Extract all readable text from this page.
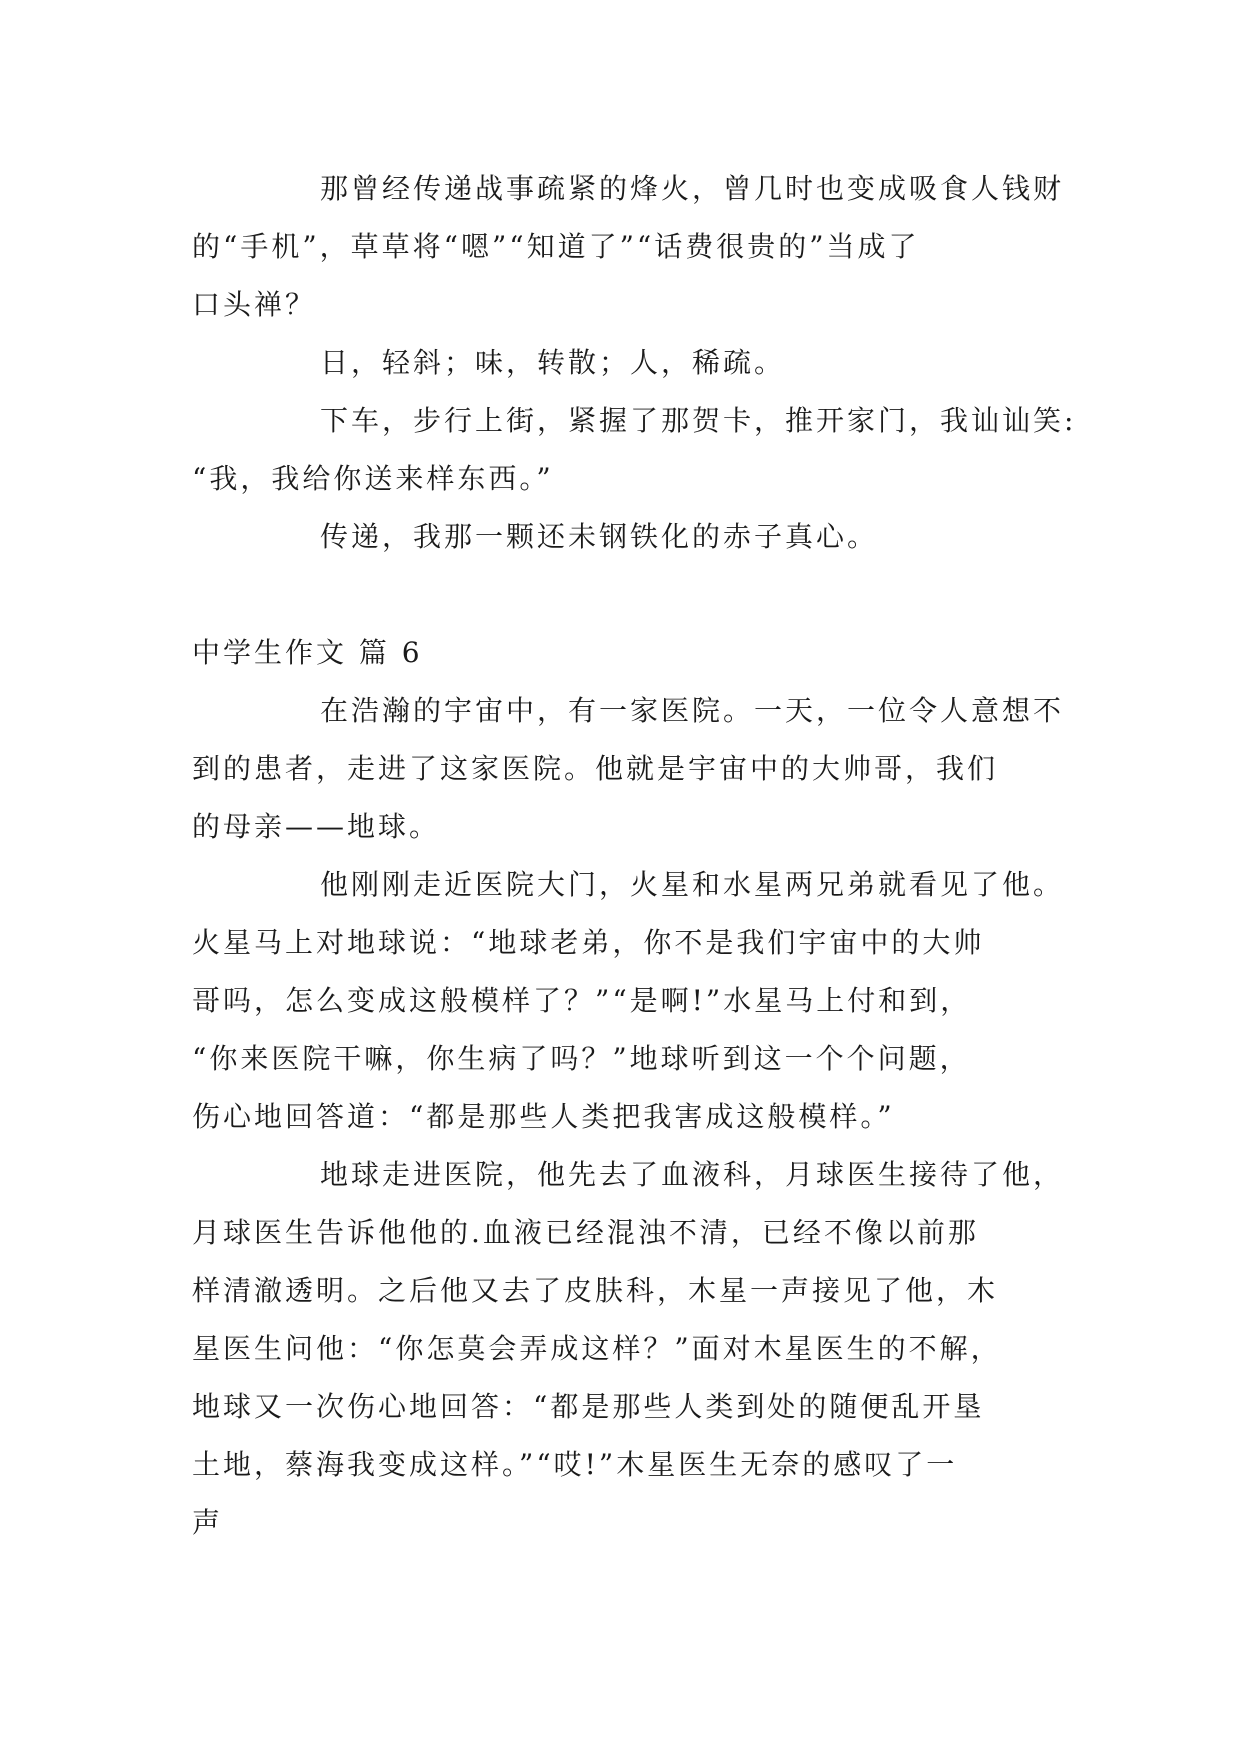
那曾经传递战事疏紧的烽火，曾几时也变成吸食人钱财
的“手机”，草草将“嗯”“知道了”“话费很贵的”当成了
口头禅？
日，轻斜；味，转散；人，稀疏。
下车，步行上街，紧握了那贺卡，推开家门，我讪讪笑:
“我，我给你送来样东西。”
传递，我那一颗还未钢铁化的赤子真心。
中学生作文 篇 6
在浩瀚的宇宙中，有一家医院。一天，一位令人意想不
到的患者，走进了这家医院。他就是宇宙中的大帅哥，我们
的母亲——地球。
他刚刚走近医院大门，火星和水星两兄弟就看见了他。
火星马上对地球说：“地球老弟，你不是我们宇宙中的大帅
哥吗，怎么变成这般模样了？”“是啊!”水星马上付和到，
“你来医院干嘛，你生病了吗？”地球听到这一个个问题，
伤心地回答道：“都是那些人类把我害成这般模样。”
地球走进医院，他先去了血液科，月球医生接待了他，
月球医生告诉他他的.血液已经混浊不清，已经不像以前那
样清澈透明。之后他又去了皮肤科，木星一声接见了他，木
星医生问他：“你怎莫会弄成这样？”面对木星医生的不解，
地球又一次伤心地回答：“都是那些人类到处的随便乱开垦
土地，蔡海我变成这样。”“哎!”木星医生无奈的感叹了一
声
